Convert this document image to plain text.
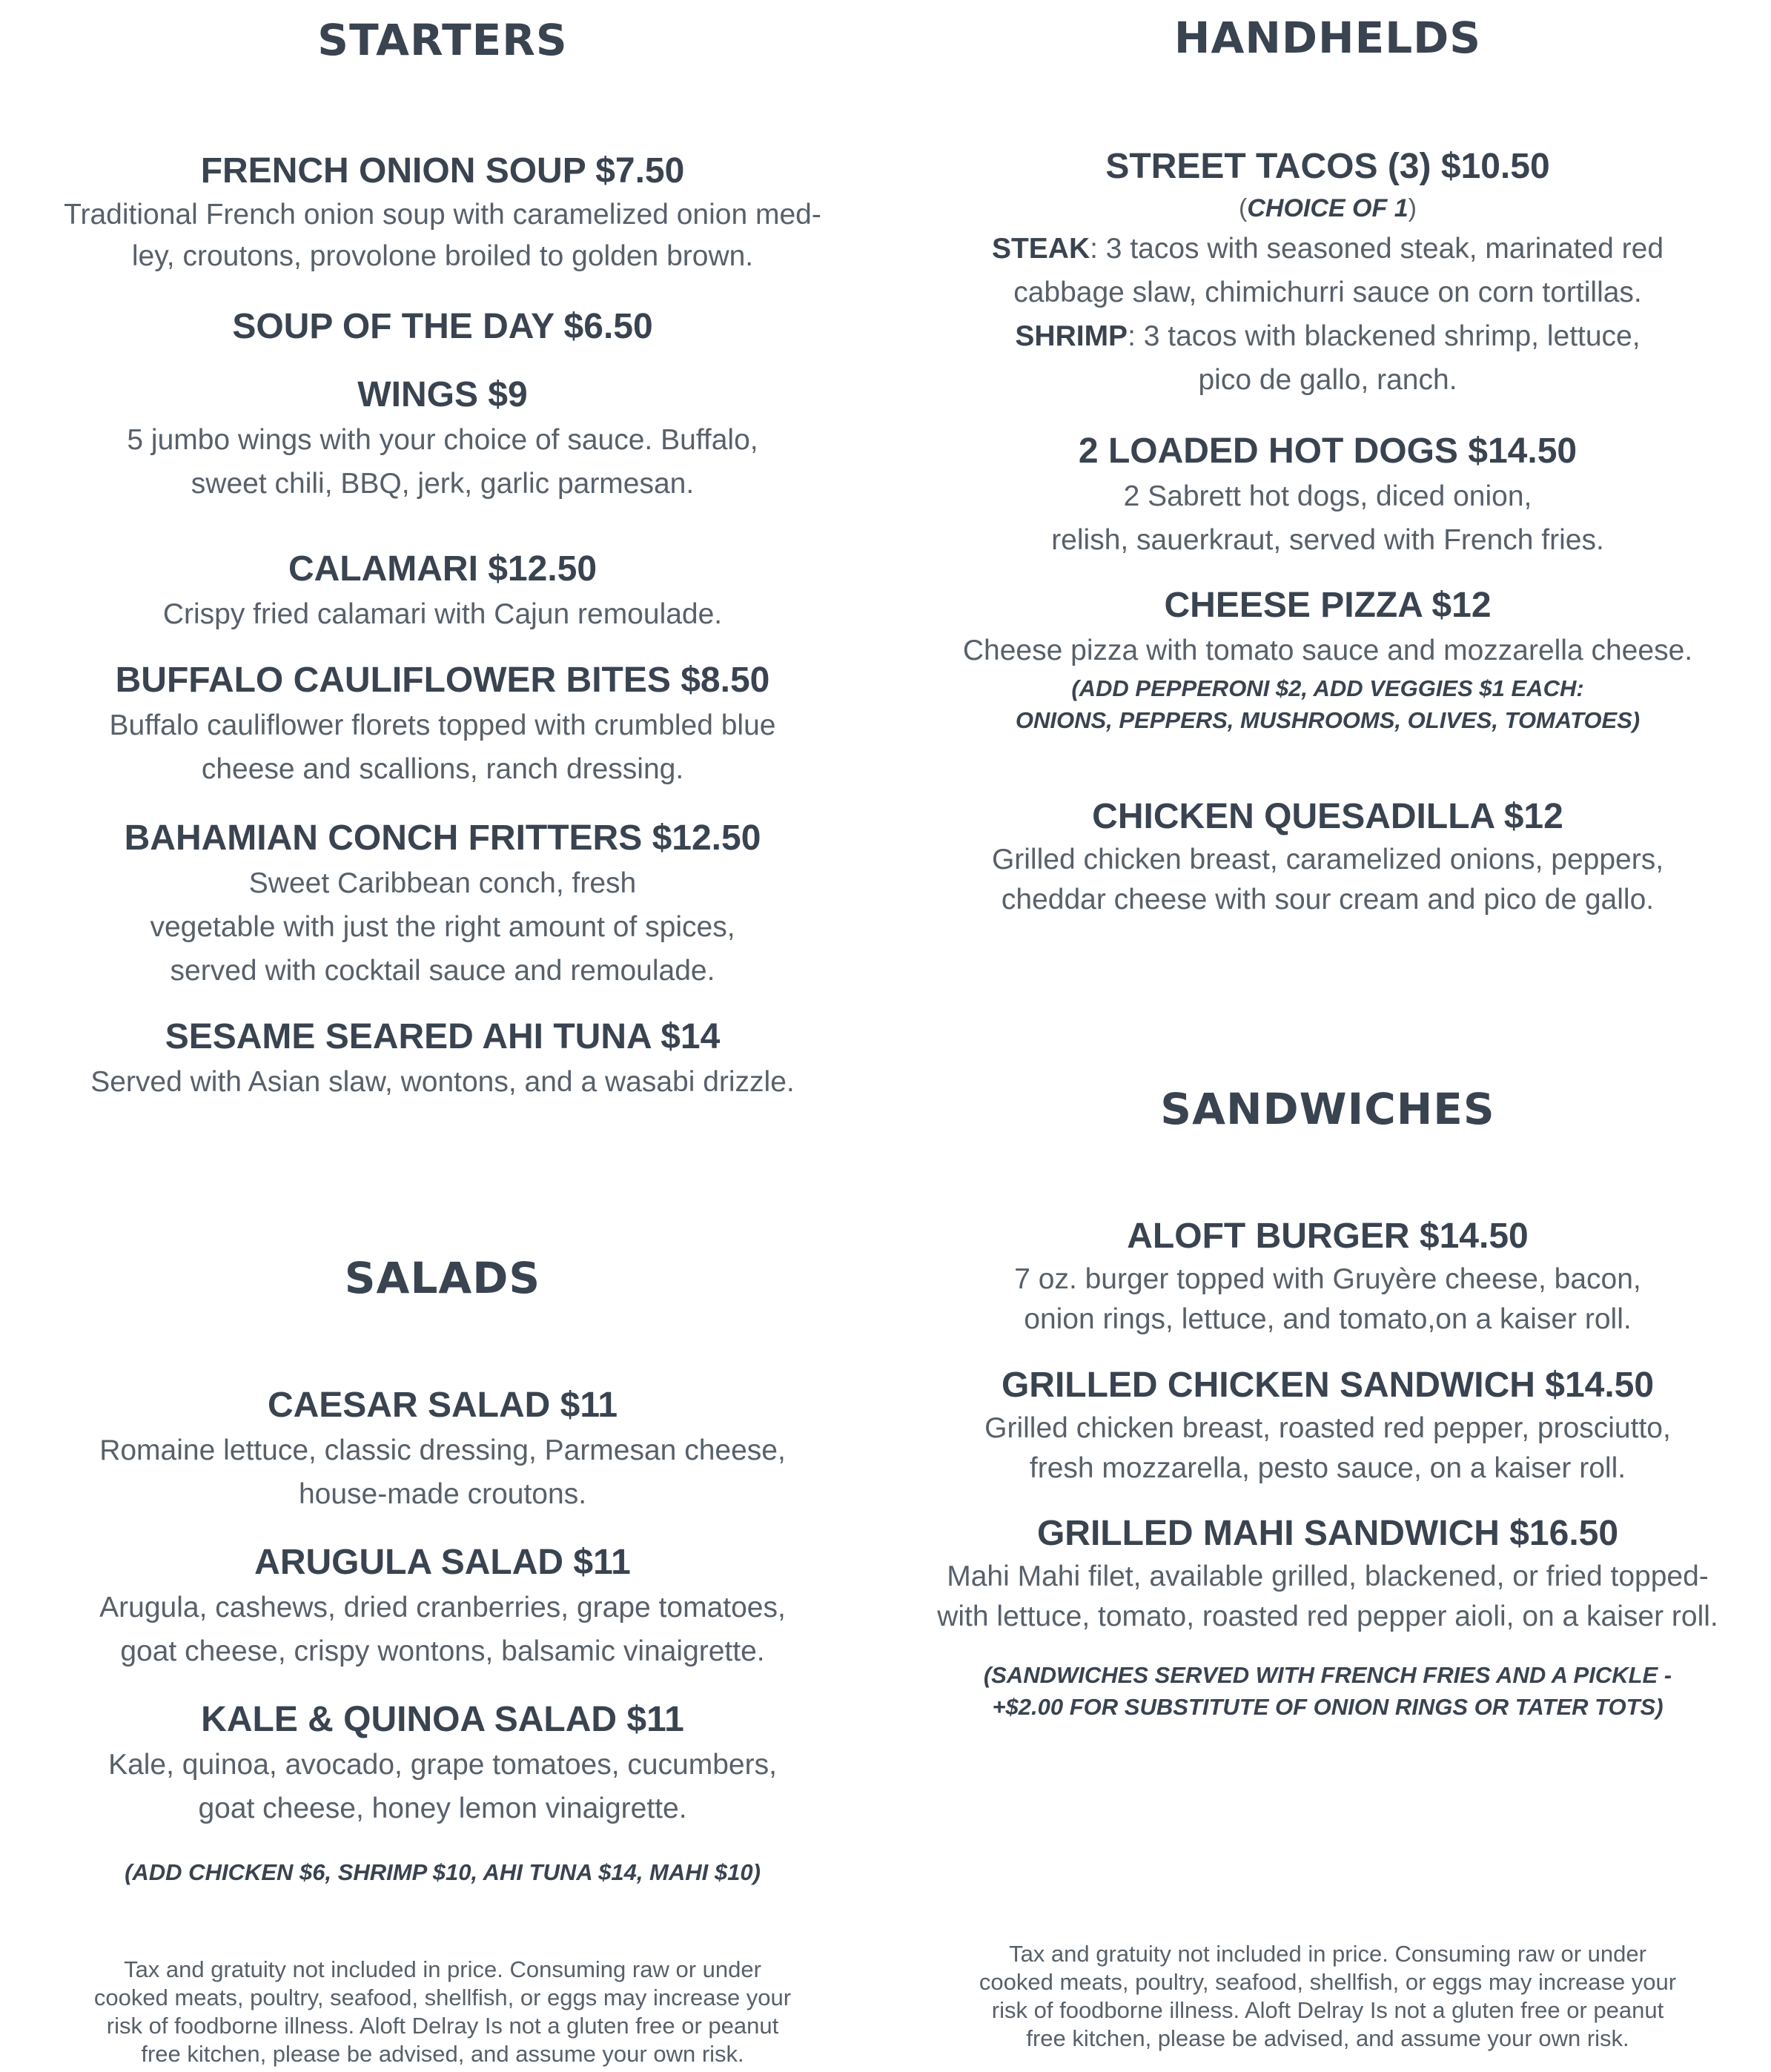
STARTERS

FRENCH ONION SOUP $7.50

Traditional French onion soup with caramelized onion med-

ley, croutons, provolone broiled to golden brown.

SOUP OF THE DAY $6.50

WINGS $9

5 jumbo wings with your choice of sauce. Buffalo,

sweet chili, BBQ, jerk, garlic parmesan.

CALAMARI $12.50

Crispy fried calamari with Cajun remoulade.

BUFFALO CAULIFLOWER BITES $8.50

Buffalo cauliflower florets topped with crumbled blue

cheese and scallions, ranch dressing.

BAHAMIAN CONCH FRITTERS $12.50

Sweet Caribbean conch, fresh

vegetable with just the right amount of spices,

served with cocktail sauce and remoulade.

SESAME SEARED AHI TUNA $14

Served with Asian slaw, wontons, and a wasabi drizzle.

SALADS

CAESAR SALAD $11

Romaine lettuce, classic dressing, Parmesan cheese,

house-made croutons.

ARUGULA SALAD $11

Arugula, cashews, dried cranberries, grape tomatoes,

goat cheese, crispy wontons, balsamic vinaigrette.

KALE & QUINOA SALAD $11

Kale, quinoa, avocado, grape tomatoes, cucumbers,

goat cheese, honey lemon vinaigrette.

(ADD CHICKEN $6, SHRIMP $10, AHI TUNA $14, MAHI $10)

Tax and gratuity not included in price. Consuming raw or under
cooked meats, poultry, seafood, shellfish, or eggs may increase your
risk of foodborne illness. Aloft Delray Is not a gluten free or peanut
free kitchen, please be advised, and assume your own risk.
HANDHELDS

STREET TACOS (3) $10.50

(CHOICE OF 1)

STEAK: 3 tacos with seasoned steak, marinated red

cabbage slaw, chimichurri sauce on corn tortillas.

SHRIMP: 3 tacos with blackened shrimp, lettuce,

pico de gallo, ranch.

2 LOADED HOT DOGS $14.50

2 Sabrett hot dogs, diced onion,

relish, sauerkraut, served with French fries.

CHEESE PIZZA $12

Cheese pizza with tomato sauce and mozzarella cheese.

(ADD PEPPERONI $2, ADD VEGGIES $1 EACH:

ONIONS, PEPPERS, MUSHROOMS, OLIVES, TOMATOES)

CHICKEN QUESADILLA $12

Grilled chicken breast, caramelized onions, peppers,

cheddar cheese with sour cream and pico de gallo.

SANDWICHES

ALOFT BURGER $14.50

7 oz. burger topped with Gruyère cheese, bacon,

onion rings, lettuce, and tomato,on a kaiser roll.

GRILLED CHICKEN SANDWICH $14.50

Grilled chicken breast, roasted red pepper, prosciutto,

fresh mozzarella, pesto sauce, on a kaiser roll.

GRILLED MAHI SANDWICH $16.50

Mahi Mahi filet, available grilled, blackened, or fried topped-

with lettuce, tomato, roasted red pepper aioli, on a kaiser roll.

(SANDWICHES SERVED WITH FRENCH FRIES AND A PICKLE -

+$2.00 FOR SUBSTITUTE OF ONION RINGS OR TATER TOTS)

Tax and gratuity not included in price. Consuming raw or under
cooked meats, poultry, seafood, shellfish, or eggs may increase your
risk of foodborne illness. Aloft Delray Is not a gluten free or peanut
free kitchen, please be advised, and assume your own risk.
